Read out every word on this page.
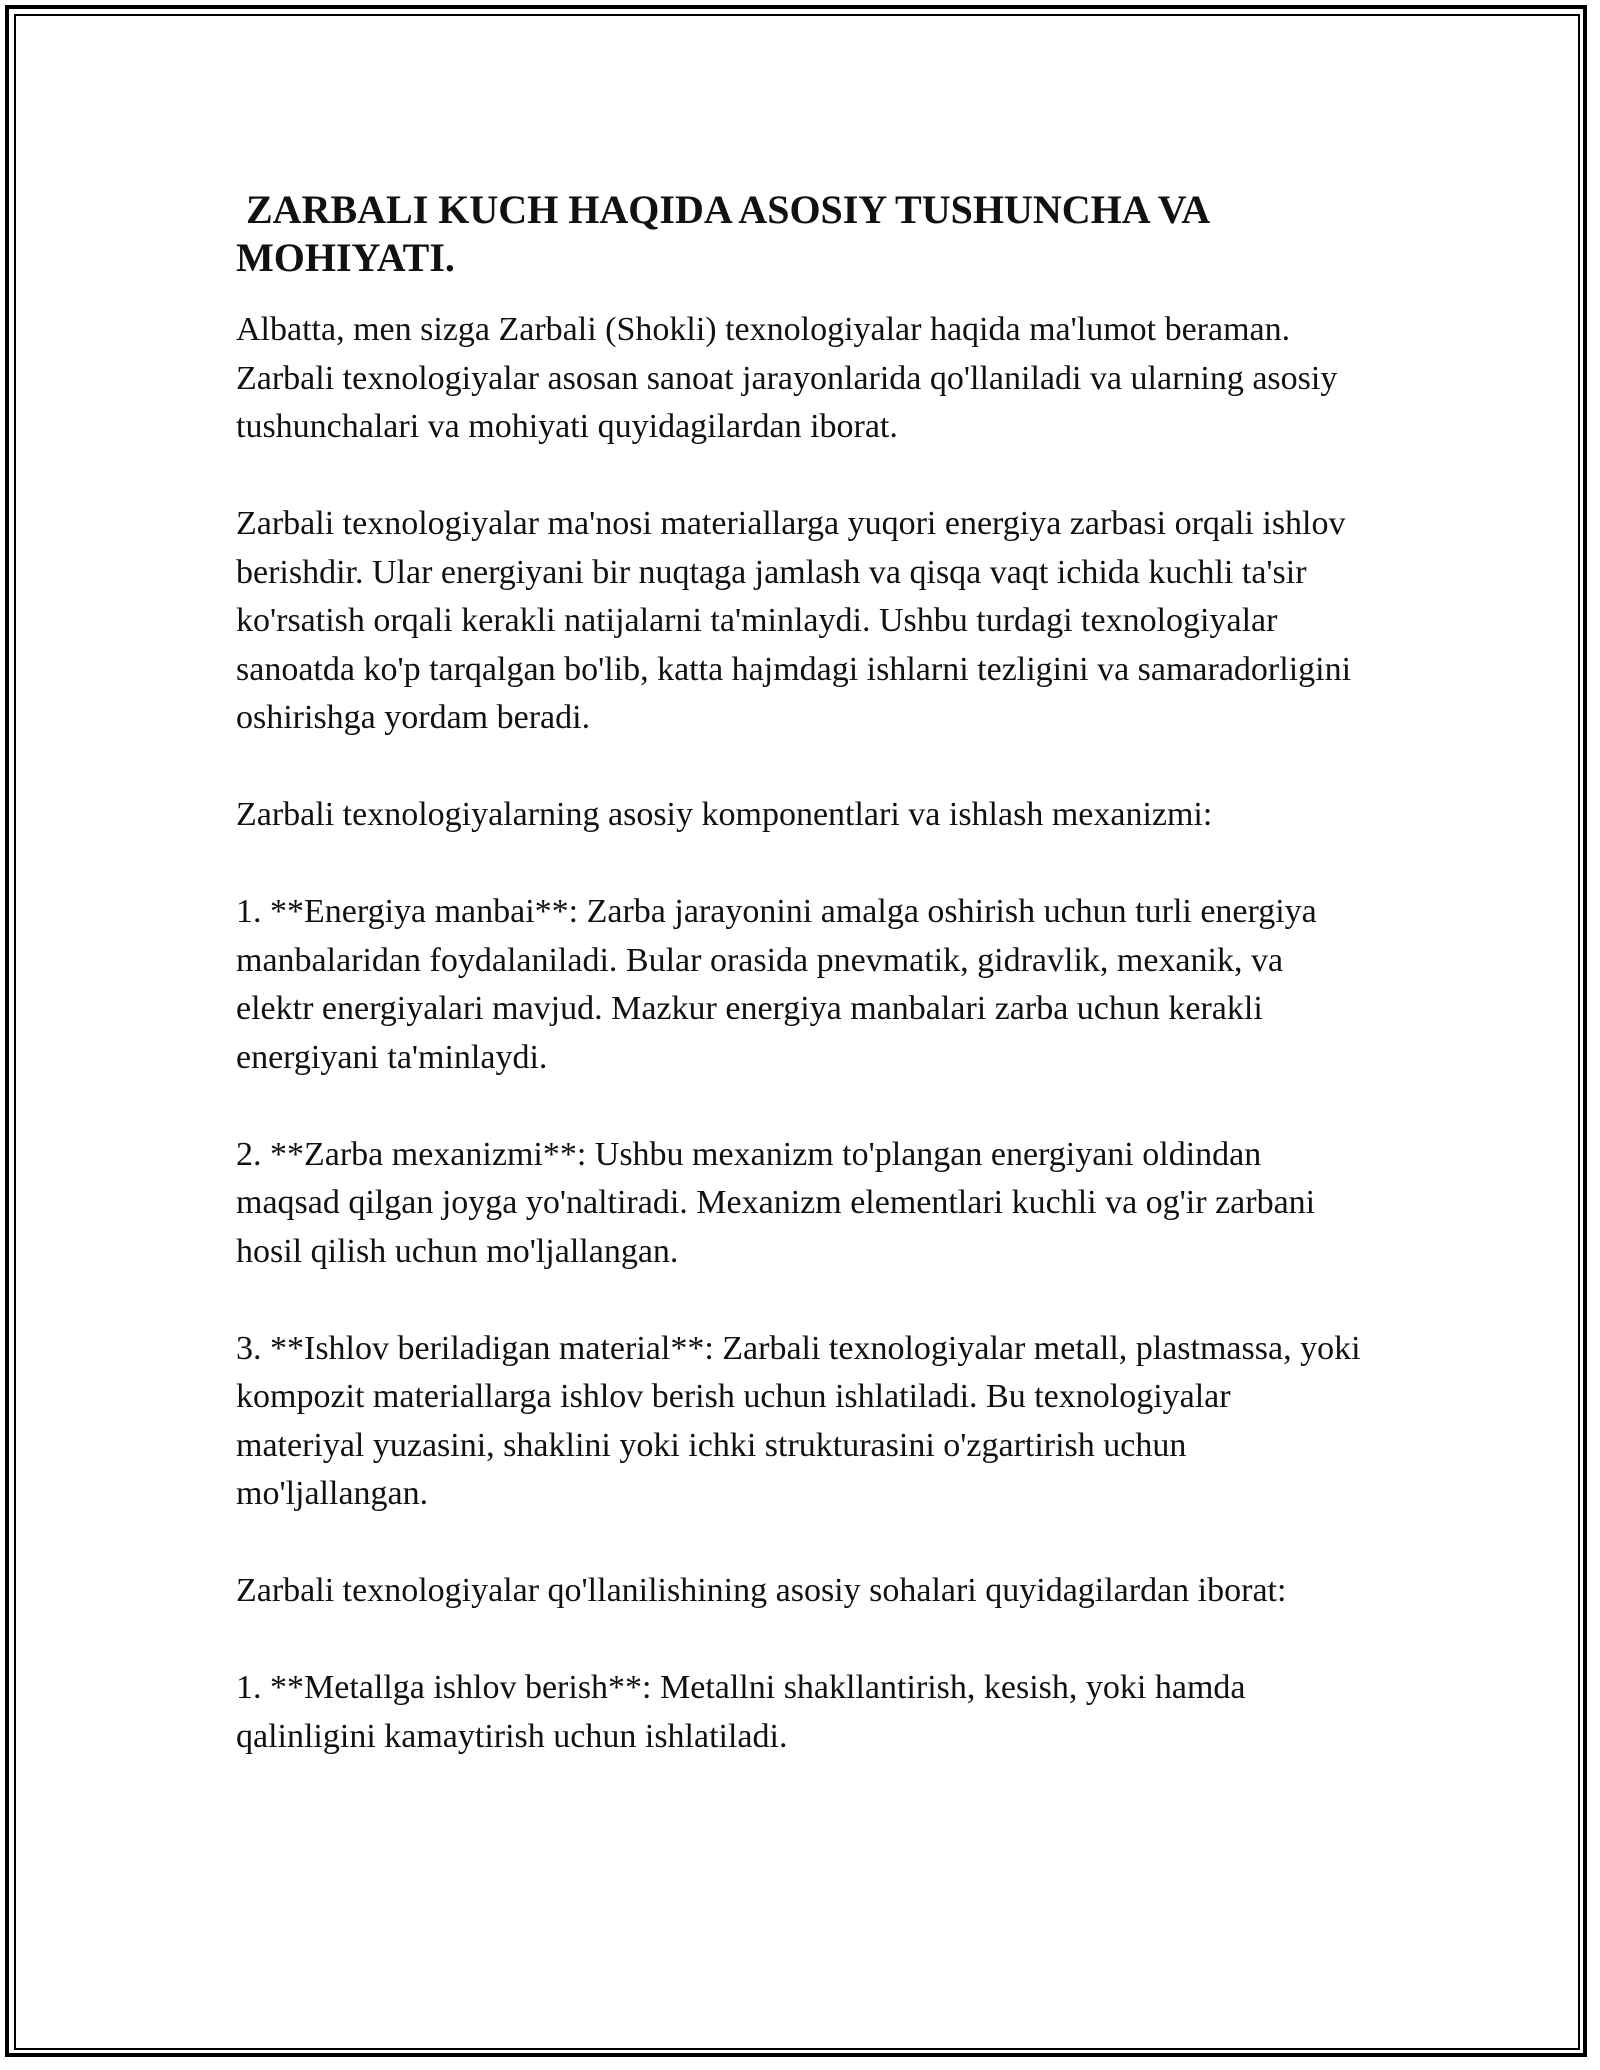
ZARBALI KUCH HAQIDA ASOSIY TUSHUNCHA VA MOHIYATI.

Albatta, men sizga Zarbali (Shokli) texnologiyalar haqida ma'lumot beraman. Zarbali texnologiyalar asosan sanoat jarayonlarida qo'llaniladi va ularning asosiy tushunchalari va mohiyati quyidagilardan iborat.

Zarbali texnologiyalar ma'nosi materiallarga yuqori energiya zarbasi orqali ishlov berishdir. Ular energiyani bir nuqtaga jamlash va qisqa vaqt ichida kuchli ta'sir ko'rsatish orqali kerakli natijalarni ta'minlaydi. Ushbu turdagi texnologiyalar sanoatda ko'p tarqalgan bo'lib, katta hajmdagi ishlarni tezligini va samaradorligini oshirishga yordam beradi.

Zarbali texnologiyalarning asosiy komponentlari va ishlash mexanizmi:

1. **Energiya manbai**: Zarba jarayonini amalga oshirish uchun turli energiya manbalaridan foydalaniladi. Bular orasida pnevmatik, gidravlik, mexanik, va elektr energiyalari mavjud. Mazkur energiya manbalari zarba uchun kerakli energiyani ta'minlaydi.

2. **Zarba mexanizmi**: Ushbu mexanizm to'plangan energiyani oldindan maqsad qilgan joyga yo'naltiradi. Mexanizm elementlari kuchli va og'ir zarbani hosil qilish uchun mo'ljallangan.

3. **Ishlov beriladigan material**: Zarbali texnologiyalar metall, plastmassa, yoki kompozit materiallarga ishlov berish uchun ishlatiladi. Bu texnologiyalar materiyal yuzasini, shaklini yoki ichki strukturasini o'zgartirish uchun mo'ljallangan.

Zarbali texnologiyalar qo'llanilishining asosiy sohalari quyidagilardan iborat:

1. **Metallga ishlov berish**: Metallni shakllantirish, kesish, yoki hamda qalinligini kamaytirish uchun ishlatiladi.
